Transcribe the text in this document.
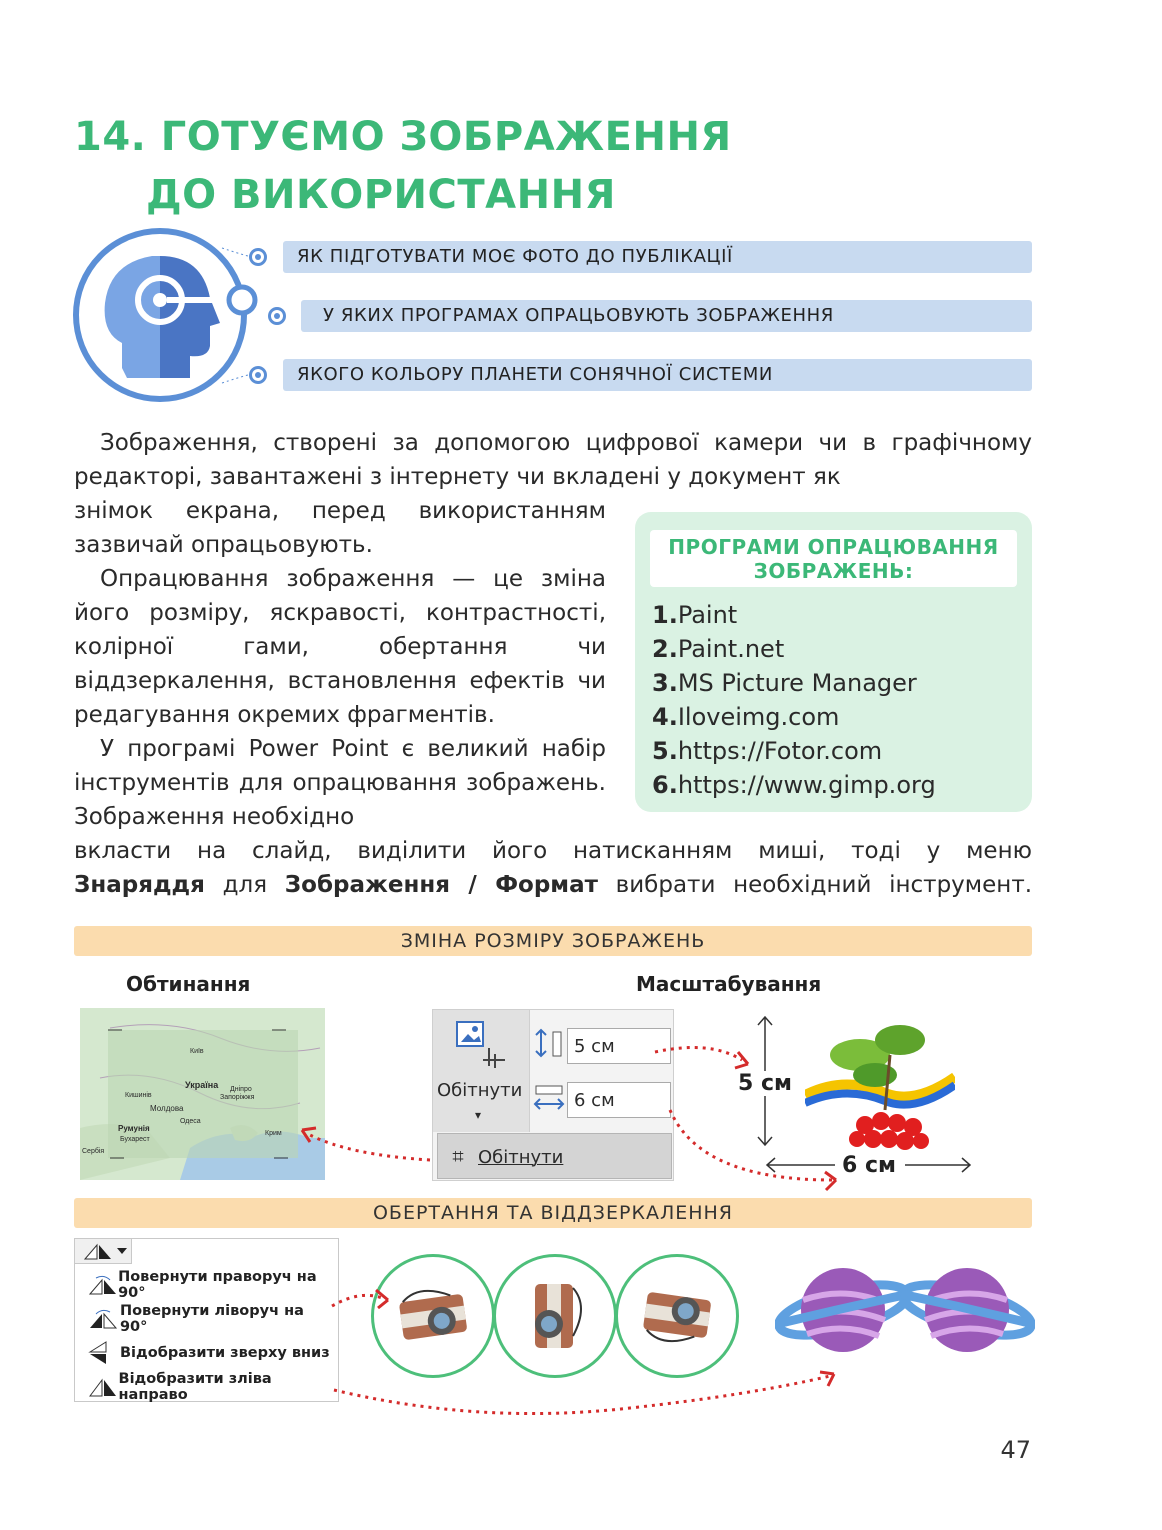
14. ГОТУЄМО ЗОБРАЖЕННЯ
ДО ВИКОРИСТАННЯ
ЯК ПІДГОТУВАТИ МОЄ ФОТО ДО ПУБЛІКАЦІЇ
У ЯКИХ ПРОГРАМАХ ОПРАЦЬОВУЮТЬ ЗОБРАЖЕННЯ
ЯКОГО КОЛЬОРУ ПЛАНЕТИ СОНЯЧНОЇ СИСТЕМИ
Зображення, створені за допомогою цифрової камери чи в графічному редакторі, завантажені з інтернету чи вкладені у документ як
знімок екрана, перед використанням зазвичай опрацьовують.
Опрацювання зображення — це зміна його розміру, яскравості, контрастності, колірної гами, обертання чи віддзеркалення, встановлення ефектів чи редагування окремих фрагментів.
У програмі Power Point є великий набір інструментів для опрацювання зображень. Зображення необхідно
вкласти на слайд, виділити його натисканням миші, тоді у меню
Знаряддя для Зображення / Формат вибрати необхідний інструмент.
ПРОГРАМИ ОПРАЦЮВАННЯ ЗОБРАЖЕНЬ:
1.Paint
2.Paint.net
3.MS Picture Manager
4.Iloveimg.com
5.https://Fotor.com
6.https://www.gimp.org
ЗМІНА РОЗМІРУ ЗОБРАЖЕНЬ
Обтинання	Масштабування
Україна
Молдова
Румунія
Бухарест
Сербія
Одеса
Київ
Дніпро
Запоріжжя
Кишинів
Крим
Обітнути
▾
5 см
6 см
⌗ Обітнути
5 см
6 см
ОБЕРТАННЯ ТА ВІДДЗЕРКАЛЕННЯ
Повернути праворуч на 90°
Повернути ліворуч на 90°
Відобразити зверху вниз
Відобразити зліва направо
47
